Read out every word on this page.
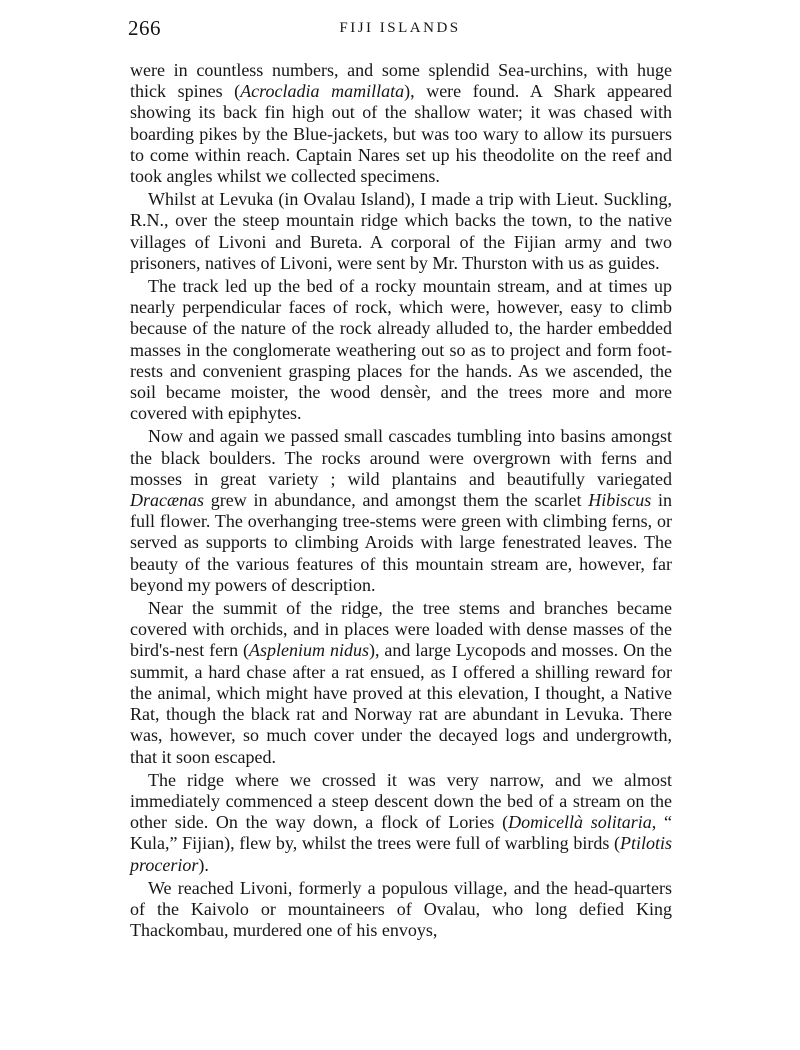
266	FIJI ISLANDS

were in countless numbers, and some splendid Sea-urchins, with huge thick spines (Acrocladia mamillata), were found. A Shark appeared showing its back fin high out of the shallow water; it was chased with boarding pikes by the Blue-jackets, but was too wary to allow its pursuers to come within reach. Captain Nares set up his theodolite on the reef and took angles whilst we collected specimens.

Whilst at Levuka (in Ovalau Island), I made a trip with Lieut. Suckling, R.N., over the steep mountain ridge which backs the town, to the native villages of Livoni and Bureta. A corporal of the Fijian army and two prisoners, natives of Livoni, were sent by Mr. Thurston with us as guides.

The track led up the bed of a rocky mountain stream, and at times up nearly perpendicular faces of rock, which were, however, easy to climb because of the nature of the rock already alluded to, the harder embedded masses in the conglomerate weathering out so as to project and form foot-rests and convenient grasping places for the hands. As we ascended, the soil became moister, the wood densèr, and the trees more and more covered with epiphytes.

Now and again we passed small cascades tumbling into basins amongst the black boulders. The rocks around were overgrown with ferns and mosses in great variety ; wild plantains and beautifully variegated Dracænas grew in abundance, and amongst them the scarlet Hibiscus in full flower. The overhanging tree-stems were green with climbing ferns, or served as supports to climbing Aroids with large fenestrated leaves. The beauty of the various features of this mountain stream are, however, far beyond my powers of description.

Near the summit of the ridge, the tree stems and branches became covered with orchids, and in places were loaded with dense masses of the bird's-nest fern (Asplenium nidus), and large Lycopods and mosses. On the summit, a hard chase after a rat ensued, as I offered a shilling reward for the animal, which might have proved at this elevation, I thought, a Native Rat, though the black rat and Norway rat are abundant in Levuka. There was, however, so much cover under the decayed logs and undergrowth, that it soon escaped.

The ridge where we crossed it was very narrow, and we almost immediately commenced a steep descent down the bed of a stream on the other side. On the way down, a flock of Lories (Domicellà solitaria, “ Kula,” Fijian), flew by, whilst the trees were full of warbling birds (Ptilotis procerior).

We reached Livoni, formerly a populous village, and the head-quarters of the Kaivolo or mountaineers of Ovalau, who long defied King Thackombau, murdered one of his envoys,
